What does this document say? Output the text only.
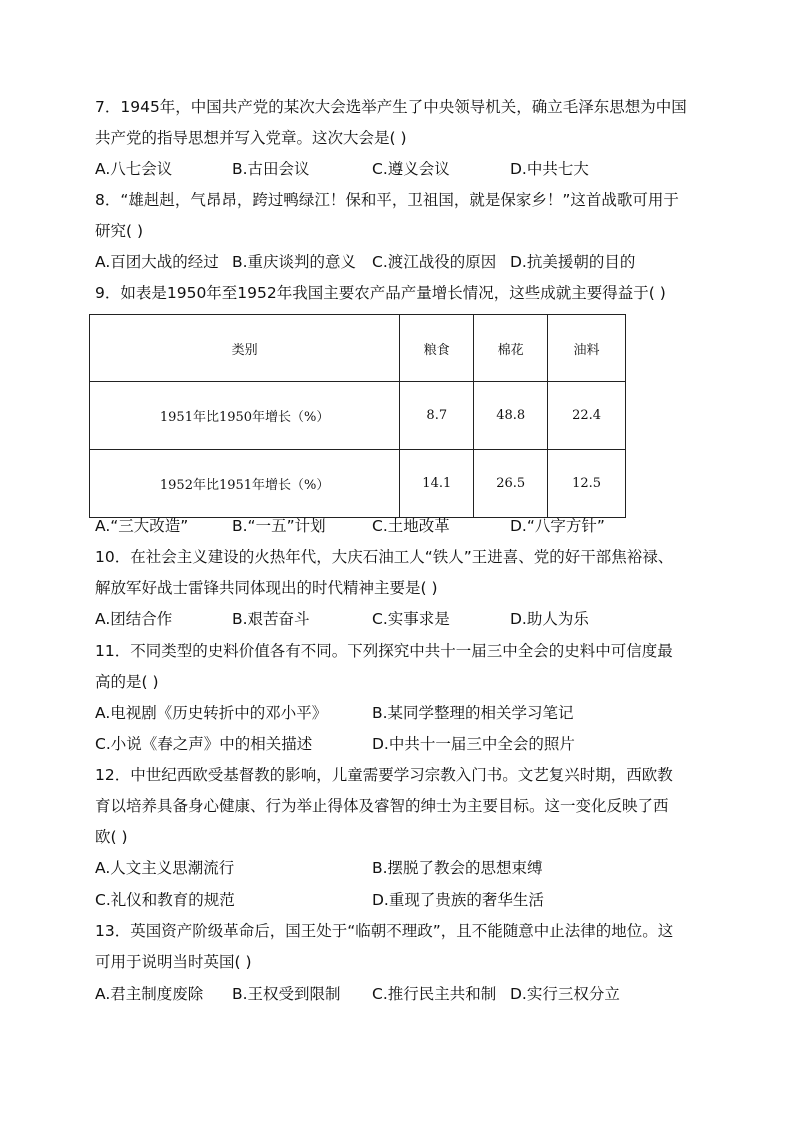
7．1945年，中国共产党的某次大会选举产生了中央领导机关，确立毛泽东思想为中国
共产党的指导思想并写入党章。这次大会是( )
A.八七会议	B.古田会议	C.遵义会议	D.中共七大
8．“雄赳赳，气昂昂，跨过鸭绿江！保和平，卫祖国，就是保家乡！”这首战歌可用于
研究( )
A.百团大战的经过 B.重庆谈判的意义 C.渡江战役的原因 D.抗美援朝的目的
9．如表是1950年至1952年我国主要农产品产量增长情况，这些成就主要得益于( )
类别	粮食	棉花	油料
1951年比1950年增长（%）	8.7	48.8	22.4
1952年比1951年增长（%）	14.1	26.5	12.5
A.“三大改造”	B.“一五”计划	C.土地改革	D.“八字方针”
10．在社会主义建设的火热年代，大庆石油工人“铁人”王进喜、党的好干部焦裕禄、
解放军好战士雷锋共同体现出的时代精神主要是( )
A.团结合作	B.艰苦奋斗	C.实事求是	D.助人为乐
11．不同类型的史料价值各有不同。下列探究中共十一届三中全会的史料中可信度最
高的是( )
A.电视剧《历史转折中的邓小平》	B.某同学整理的相关学习笔记
C.小说《春之声》中的相关描述	D.中共十一届三中全会的照片
12．中世纪西欧受基督教的影响，儿童需要学习宗教入门书。文艺复兴时期，西欧教
育以培养具备身心健康、行为举止得体及睿智的绅士为主要目标。这一变化反映了西
欧( )
A.人文主义思潮流行	B.摆脱了教会的思想束缚
C.礼仪和教育的规范	D.重现了贵族的奢华生活
13．英国资产阶级革命后，国王处于“临朝不理政”，且不能随意中止法律的地位。这
可用于说明当时英国( )
A.君主制度废除 B.王权受到限制 C.推行民主共和制 D.实行三权分立
